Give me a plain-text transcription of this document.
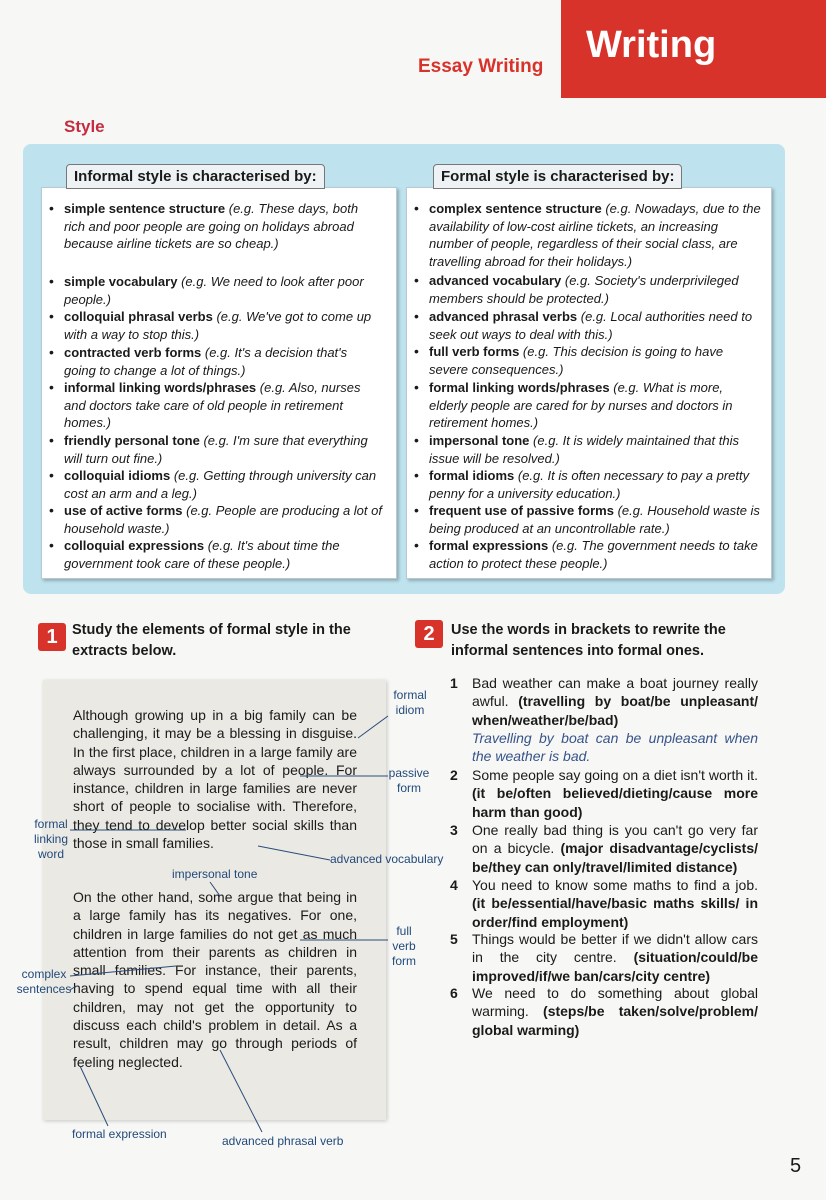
Writing
Essay Writing
Style
• simple sentence structure (e.g. These days, both rich and poor people are going on holidays abroad because airline tickets are so cheap.)
• simple vocabulary (e.g. We need to look after poor people.)
• colloquial phrasal verbs (e.g. We've got to come up with a way to stop this.)
• contracted verb forms (e.g. It's a decision that's going to change a lot of things.)
• informal linking words/phrases (e.g. Also, nurses and doctors take care of old people in retirement homes.)
• friendly personal tone (e.g. I'm sure that everything will turn out fine.)
• colloquial idioms (e.g. Getting through university can cost an arm and a leg.)
• use of active forms (e.g. People are producing a lot of household waste.)
• colloquial expressions (e.g. It's about time the government took care of these people.)
Informal style is characterised by:
• complex sentence structure (e.g. Nowadays, due to the availability of low-cost airline tickets, an increasing number of people, regardless of their social class, are travelling abroad for their holidays.)
• advanced vocabulary (e.g. Society's underprivileged members should be protected.)
• advanced phrasal verbs (e.g. Local authorities need to seek out ways to deal with this.)
• full verb forms (e.g. This decision is going to have severe consequences.)
• formal linking words/phrases (e.g. What is more, elderly people are cared for by nurses and doctors in retirement homes.)
• impersonal tone (e.g. It is widely maintained that this issue will be resolved.)
• formal idioms (e.g. It is often necessary to pay a pretty penny for a university education.)
• frequent use of passive forms (e.g. Household waste is being produced at an uncontrollable rate.)
• formal expressions (e.g. The government needs to take action to protect these people.)
Formal style is characterised by:
1 Study the elements of formal style in the extracts below.

Although growing up in a big family can be challenging, it may be a blessing in disguise. In the first place, children in a large family are always surrounded by a lot of people. For instance, children in large families are never short of people to socialise with. Therefore, they tend to develop better social skills than those in small families.

On the other hand, some argue that being in a large family has its negatives. For one, children in large families do not get as much attention from their parents as children in small families. For instance, their parents, having to spend equal time with all their children, may not get the opportunity to discuss each child's problem in detail. As a result, children may go through periods of feeling neglected.

formal idiom
passive form
formal linking word	advanced vocabulary
impersonal tone
full verb form
complex sentences
formal expression	advanced phrasal verb
2	Use the words in brackets to rewrite the informal sentences into formal ones.
1 Bad weather can make a boat journey really awful. (travelling by boat/be unpleasant/ when/weather/be/bad)
Travelling by boat can be unpleasant when the weather is bad.
2 Some people say going on a diet isn't worth it. (it be/often believed/dieting/cause more harm than good)
3 One really bad thing is you can't go very far on a bicycle. (major disadvantage/cyclists/ be/they can only/travel/limited distance)
4 You need to know some maths to find a job. (it be/essential/have/basic maths skills/ in order/find employment)
5 Things would be better if we didn't allow cars in the city centre. (situation/could/be improved/if/we ban/cars/city centre)
6 We need to do something about global warming. (steps/be taken/solve/problem/ global warming)
5
